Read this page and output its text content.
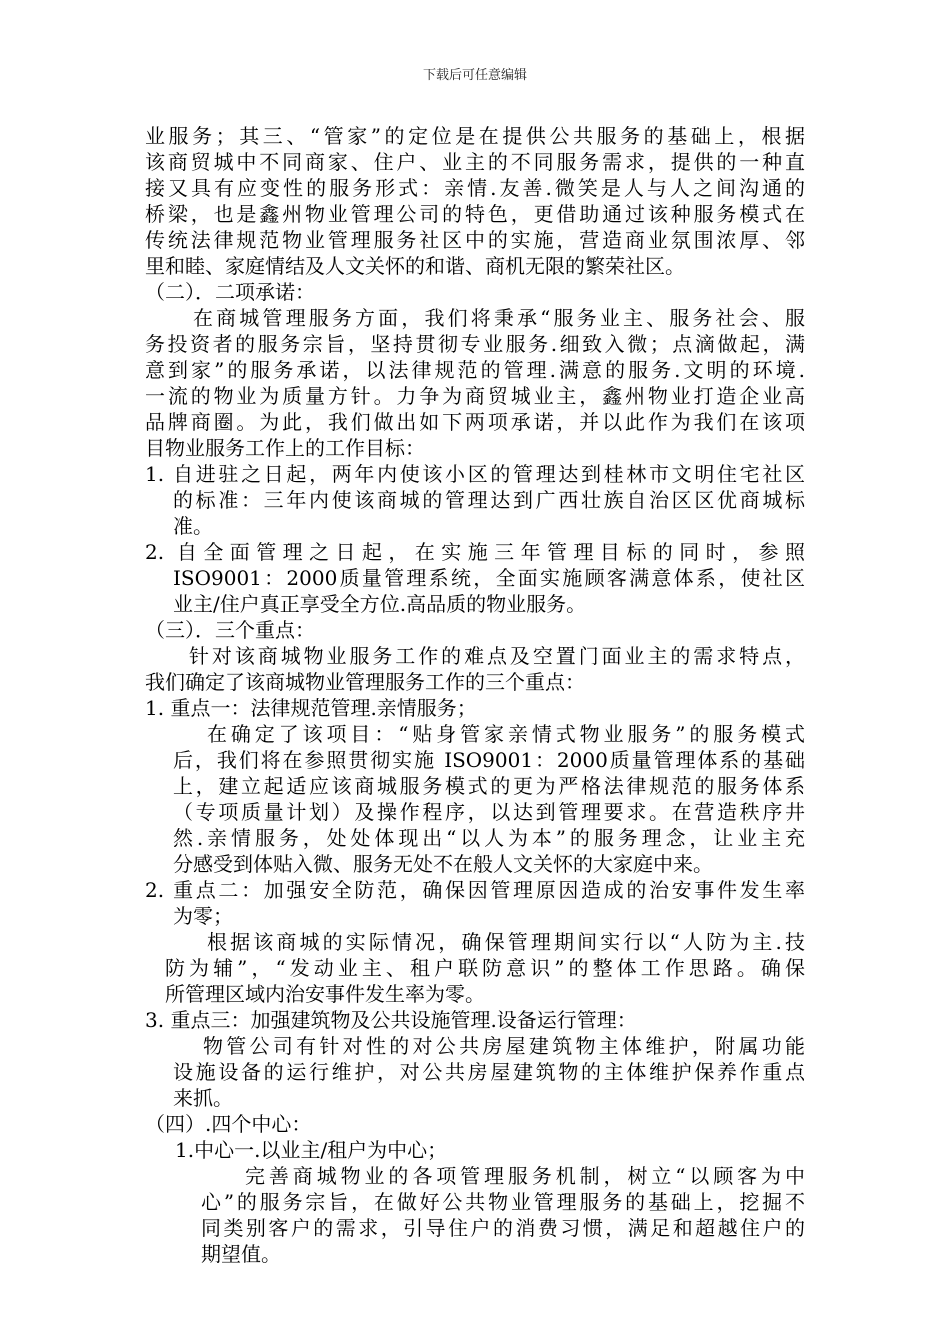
下载后可任意编辑
业服务；其三、“管家”的定位是在提供公共服务的基础上，根据
该商贸城中不同商家、住户、业主的不同服务需求，提供的一种直
接又具有应变性的服务形式：亲情.友善.微笑是人与人之间沟通的
桥梁，也是鑫州物业管理公司的特色，更借助通过该种服务模式在
传统法律规范物业管理服务社区中的实施，营造商业氛围浓厚、邻
里和睦、家庭情结及人文关怀的和谐、商机无限的繁荣社区。
（二）．二项承诺：
在商城管理服务方面，我们将秉承“服务业主、服务社会、服
务投资者的服务宗旨，坚持贯彻专业服务.细致入微；点滴做起，满
意到家”的服务承诺，以法律规范的管理.满意的服务.文明的环境.
一流的物业为质量方针。力争为商贸城业主，鑫州物业打造企业高
品牌商圈。为此，我们做出如下两项承诺，并以此作为我们在该项
目物业服务工作上的工作目标：
1. 自进驻之日起，两年内使该小区的管理达到桂林市文明住宅社区
的标准：三年内使该商城的管理达到广西壮族自治区区优商城标
准。
2. 自全面管理之日起，在实施三年管理目标的同时，参照
ISO9001：2000质量管理系统，全面实施顾客满意体系，使社区
业主/住户真正享受全方位.高品质的物业服务。
（三）．三个重点：
针对该商城物业服务工作的难点及空置门面业主的需求特点，
我们确定了该商城物业管理服务工作的三个重点：
1. 重点一：法律规范管理.亲情服务；
在确定了该项目：“贴身管家亲情式物业服务”的服务模式
后，我们将在参照贯彻实施 ISO9001：2000质量管理体系的基础
上，建立起适应该商城服务模式的更为严格法律规范的服务体系
（专项质量计划）及操作程序，以达到管理要求。在营造秩序井
然.亲情服务，处处体现出“以人为本”的服务理念，让业主充
分感受到体贴入微、服务无处不在般人文关怀的大家庭中来。
2. 重点二：加强安全防范，确保因管理原因造成的治安事件发生率
为零；
根据该商城的实际情况，确保管理期间实行以“人防为主.技
防为辅”，“发动业主、租户联防意识”的整体工作思路。确保
所管理区域内治安事件发生率为零。
3. 重点三：加强建筑物及公共设施管理.设备运行管理：
物管公司有针对性的对公共房屋建筑物主体维护，附属功能
设施设备的运行维护，对公共房屋建筑物的主体维护保养作重点
来抓。
（四）.四个中心：
1.中心一.以业主/租户为中心；
完善商城物业的各项管理服务机制，树立“以顾客为中
心”的服务宗旨，在做好公共物业管理服务的基础上，挖掘不
同类别客户的需求，引导住户的消费习惯，满足和超越住户的
期望值。
